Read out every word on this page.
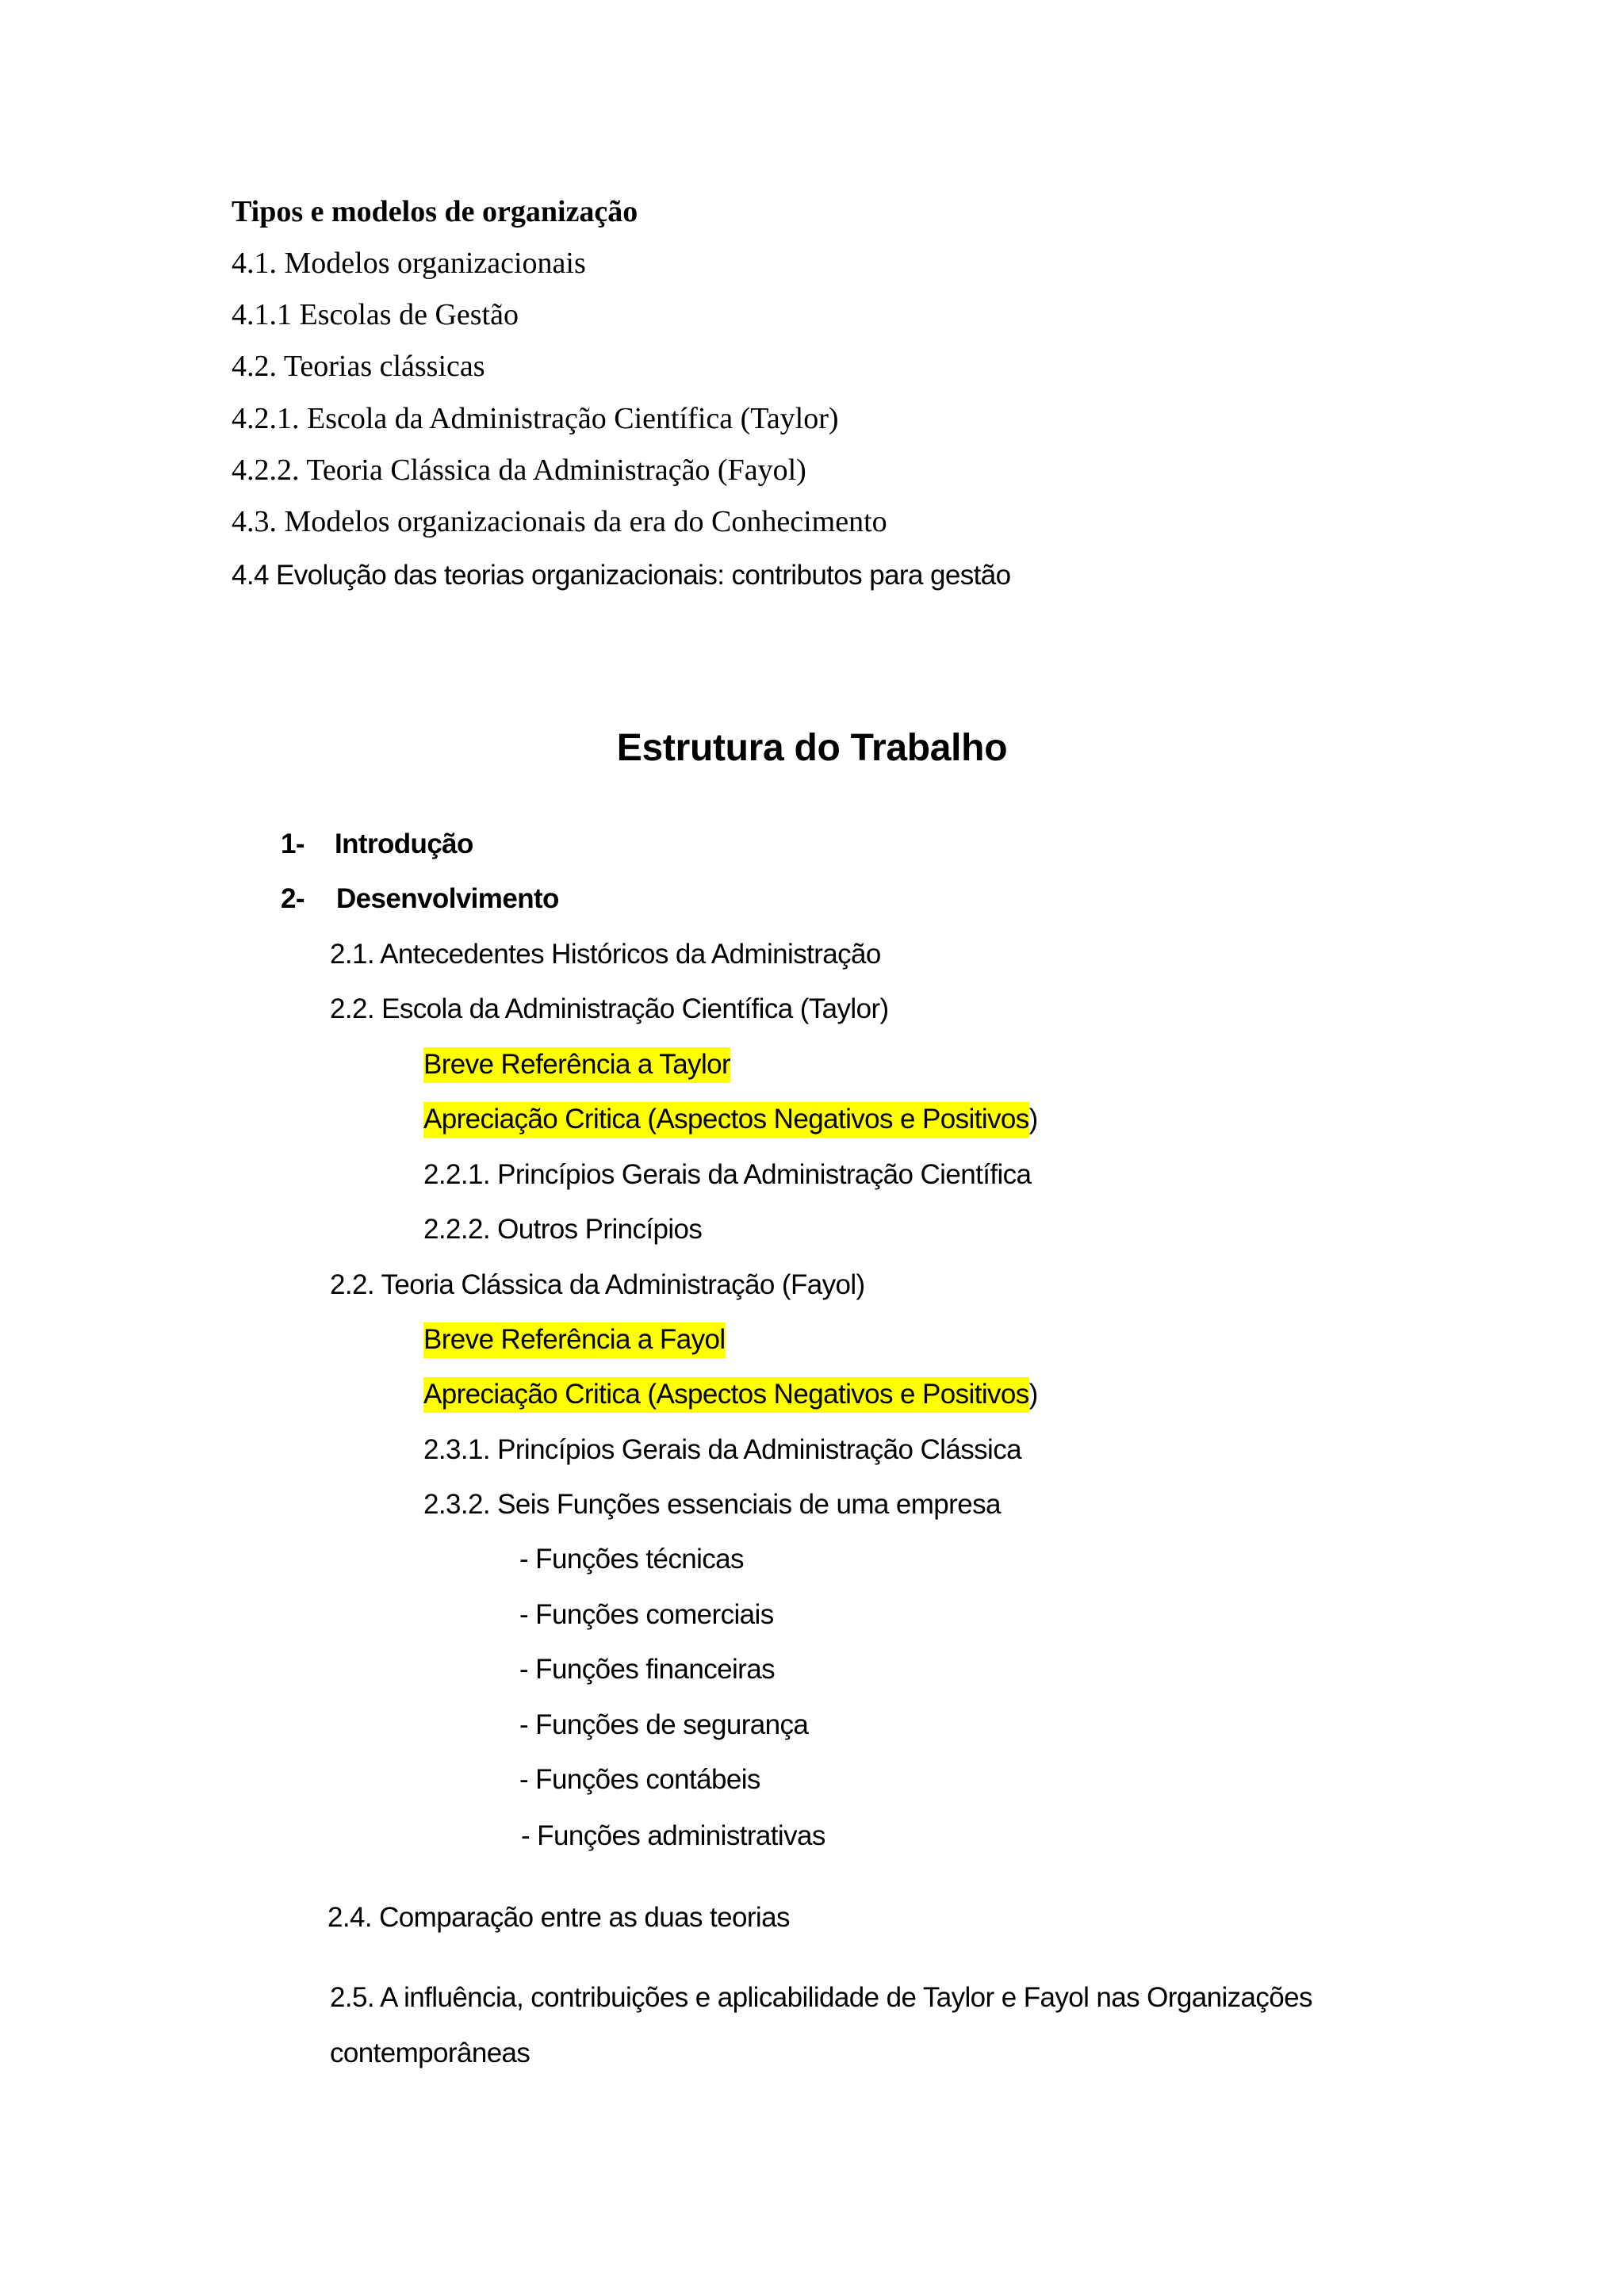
Tipos e modelos de organização
4.1. Modelos organizacionais
4.1.1 Escolas de Gestão
4.2. Teorias clássicas
4.2.1. Escola da Administração Científica (Taylor)
4.2.2. Teoria Clássica da Administração (Fayol)
4.3. Modelos organizacionais da era do Conhecimento
4.4 Evolução das teorias organizacionais: contributos para gestão
Estrutura do Trabalho
1- Introdução
2- Desenvolvimento
2.1. Antecedentes Históricos da Administração
2.2. Escola da Administração Científica (Taylor)
Breve Referência a Taylor
Apreciação Critica (Aspectos Negativos e Positivos)
2.2.1. Princípios Gerais da Administração Científica
2.2.2. Outros Princípios
2.2. Teoria Clássica da Administração (Fayol)
Breve Referência a Fayol
Apreciação Critica (Aspectos Negativos e Positivos)
2.3.1. Princípios Gerais da Administração Clássica
2.3.2. Seis Funções essenciais de uma empresa
- Funções técnicas
- Funções comerciais
- Funções financeiras
- Funções de segurança
- Funções contábeis
- Funções administrativas
2.4. Comparação entre as duas teorias
2.5. A influência, contribuições e aplicabilidade de Taylor e Fayol nas Organizações
contemporâneas
